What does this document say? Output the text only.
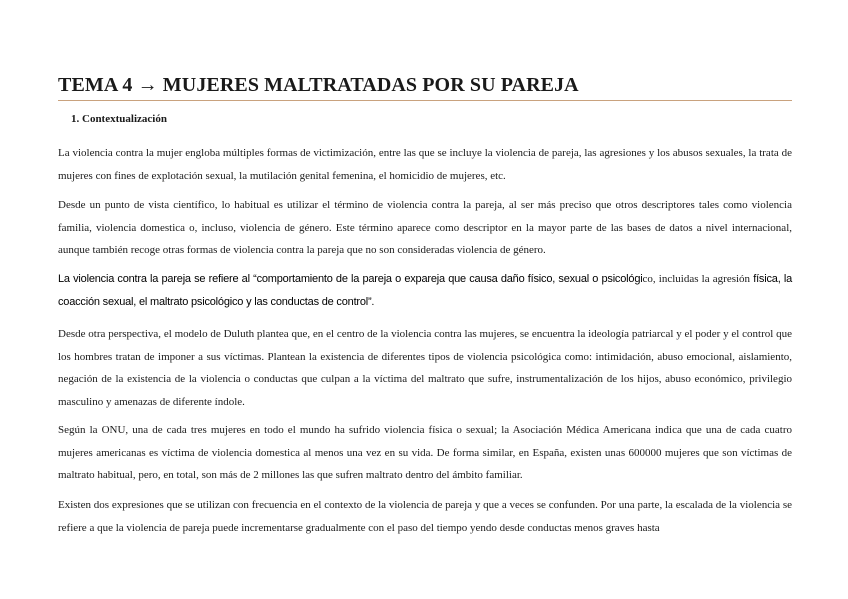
TEMA 4 → MUJERES MALTRATADAS POR SU PAREJA
1. Contextualización

La violencia contra la mujer engloba múltiples formas de victimización, entre las que se incluye la violencia de pareja, las agresiones y los abusos sexuales, la trata de mujeres con fines de explotación sexual, la mutilación genital femenina, el homicidio de mujeres, etc.

Desde un punto de vista científico, lo habitual es utilizar el término de violencia contra la pareja, al ser más preciso que otros descriptores tales como violencia familia, violencia domestica o, incluso, violencia de género. Este término aparece como descriptor en la mayor parte de las bases de datos a nivel internacional, aunque también recoge otras formas de violencia contra la pareja que no son consideradas violencia de género.

La violencia contra la pareja se refiere al “comportamiento de la pareja o expareja que causa daño físico, sexual o psicológico, incluidas la agresión física, la coacción sexual, el maltrato psicológico y las conductas de control”.

Desde otra perspectiva, el modelo de Duluth plantea que, en el centro de la violencia contra las mujeres, se encuentra la ideología patriarcal y el poder y el control que los hombres tratan de imponer a sus víctimas. Plantean la existencia de diferentes tipos de violencia psicológica como: intimidación, abuso emocional, aislamiento, negación de la existencia de la violencia o conductas que culpan a la víctima del maltrato que sufre, instrumentalización de los hijos, abuso económico, privilegio masculino y amenazas de diferente índole.

Según la ONU, una de cada tres mujeres en todo el mundo ha sufrido violencia física o sexual; la Asociación Médica Americana indica que una de cada cuatro mujeres americanas es víctima de violencia domestica al menos una vez en su vida. De forma similar, en España, existen unas 600000 mujeres que son víctimas de maltrato habitual, pero, en total, son más de 2 millones las que sufren maltrato dentro del ámbito familiar.

Existen dos expresiones que se utilizan con frecuencia en el contexto de la violencia de pareja y que a veces se confunden. Por una parte, la escalada de la violencia se refiere a que la violencia de pareja puede incrementarse gradualmente con el paso del tiempo yendo desde conductas menos graves hasta
